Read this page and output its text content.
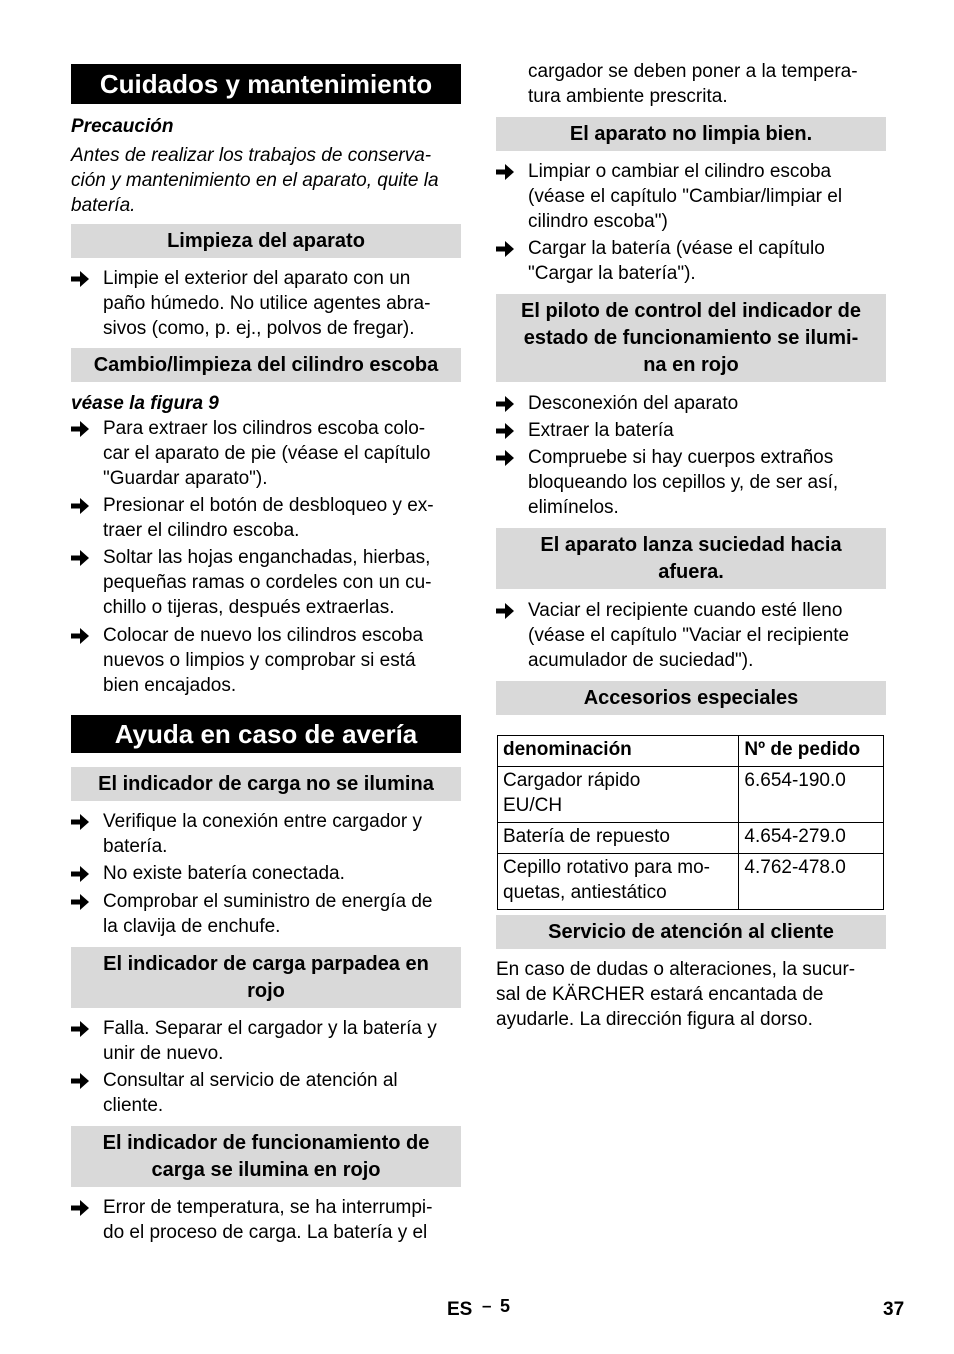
Cuidados y mantenimiento
Precaución
Antes de realizar los trabajos de conserva-
ción y mantenimiento en el aparato, quite la
batería.
Limpieza del aparato
Limpie el exterior del aparato con un
paño húmedo. No utilice agentes abra-
sivos (como, p. ej., polvos de fregar).
Cambio/limpieza del cilindro escoba
véase la figura 9
Para extraer los cilindros escoba colo-
car el aparato de pie (véase el capítulo
"Guardar aparato").
Presionar el botón de desbloqueo y ex-
traer el cilindro escoba.
Soltar las hojas enganchadas, hierbas,
pequeñas ramas o cordeles con un cu-
chillo o tijeras, después extraerlas.
Colocar de nuevo los cilindros escoba
nuevos o limpios y comprobar si está
bien encajados.
Ayuda en caso de avería
El indicador de carga no se ilumina
Verifique la conexión entre cargador y
batería.
No existe batería conectada.
Comprobar el suministro de energía de
la clavija de enchufe.
El indicador de carga parpadea en
rojo
Falla. Separar el cargador y la batería y
unir de nuevo.
Consultar al servicio de atención al
cliente.
El indicador de funcionamiento de
carga se ilumina en rojo
Error de temperatura, se ha interrumpi-
do el proceso de carga. La batería y el
cargador se deben poner a la tempera-
tura ambiente prescrita.
El aparato no limpia bien.
Limpiar o cambiar el cilindro escoba
(véase el capítulo "Cambiar/limpiar el
cilindro escoba")
Cargar la batería (véase el capítulo
"Cargar la batería").
El piloto de control del indicador de
estado de funcionamiento se ilumi-
na en rojo
Desconexión del aparato
Extraer la batería
Compruebe si hay cuerpos extraños
bloqueando los cepillos y, de ser así,
elimínelos.
El aparato lanza suciedad hacia
afuera.
Vaciar el recipiente cuando esté lleno
(véase el capítulo "Vaciar el recipiente
acumulador de suciedad").
Accesorios especiales
denominación	Nº de pedido

Cargador rápido
EU/CH	6.654-190.0
Batería de repuesto	4.654-279.0

Cepillo rotativo para mo-
quetas, antiestático	4.762-478.0
Servicio de atención al cliente
En caso de dudas o alteraciones, la sucur-
sal de KÄRCHER estará encantada de
ayudarle. La dirección figura al dorso.
ES – 5	37
